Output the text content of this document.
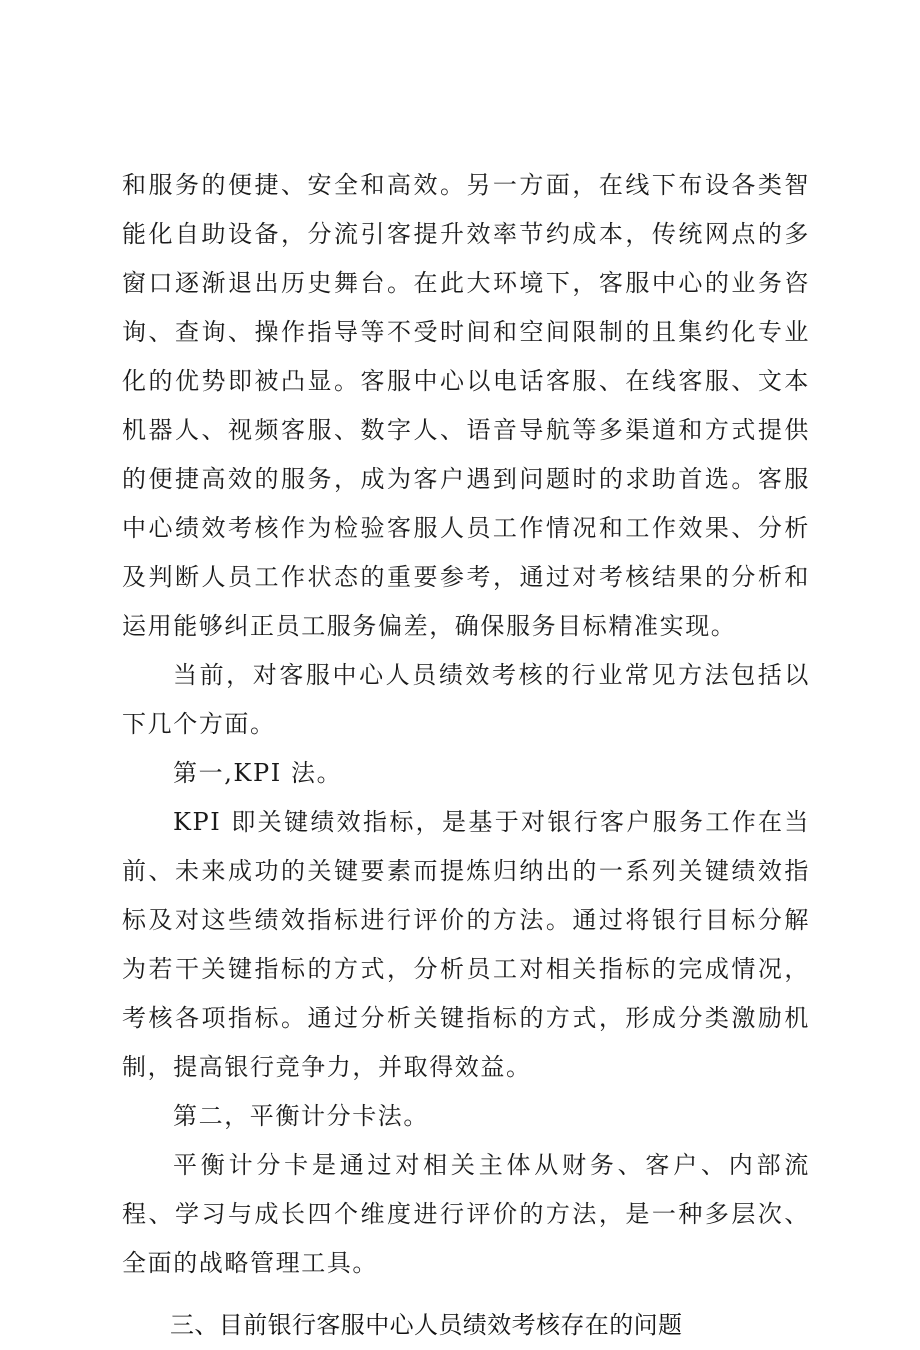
和服务的便捷、安全和高效。另一方面，在线下布设各类智能化自助设备，分流引客提升效率节约成本，传统网点的多窗口逐渐退出历史舞台。在此大环境下，客服中心的业务咨询、查询、操作指导等不受时间和空间限制的且集约化专业化的优势即被凸显。客服中心以电话客服、在线客服、文本机器人、视频客服、数字人、语音导航等多渠道和方式提供的便捷高效的服务，成为客户遇到问题时的求助首选。客服中心绩效考核作为检验客服人员工作情况和工作效果、分析及判断人员工作状态的重要参考，通过对考核结果的分析和运用能够纠正员工服务偏差，确保服务目标精准实现。

当前，对客服中心人员绩效考核的行业常见方法包括以下几个方面。

第一,KPI 法。

KPI 即关键绩效指标，是基于对银行客户服务工作在当前、未来成功的关键要素而提炼归纳出的一系列关键绩效指标及对这些绩效指标进行评价的方法。通过将银行目标分解为若干关键指标的方式，分析员工对相关指标的完成情况，考核各项指标。通过分析关键指标的方式，形成分类激励机制，提高银行竞争力，并取得效益。

第二，平衡计分卡法。

平衡计分卡是通过对相关主体从财务、客户、内部流程、学习与成长四个维度进行评价的方法，是一种多层次、全面的战略管理工具。

三、目前银行客服中心人员绩效考核存在的问题
